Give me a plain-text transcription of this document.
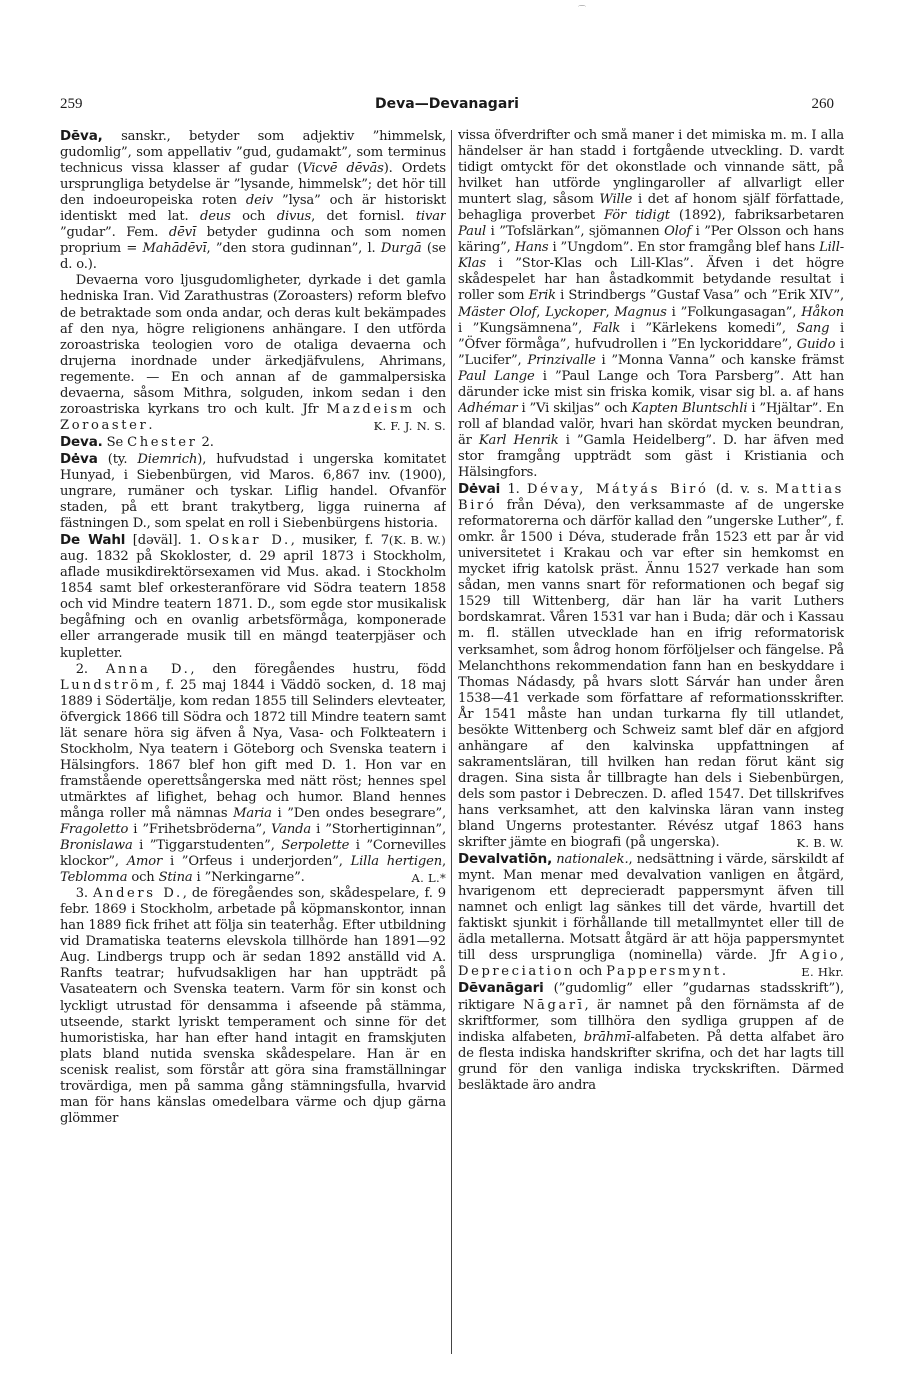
⌒
259	Deva—Devanagari	260

Dēva, sanskr., betyder som adjektiv ”himmelsk, gudomlig”, som appellativ ”gud, gudamakt”, som terminus technicus vissa klasser af gudar (Vicvē dēvās). Ordets ursprungliga betydelse är ”lysande, himmelsk”; det hör till den indoeuropeiska roten deiv ”lysa” och är historiskt identiskt med lat. deus och divus, det fornisl. tivar ”gudar”. Fem. dēvī betyder gudinna och som nomen proprium = Mahādēvī, ”den stora gudinnan”, l. Durgā (se d. o.).

Devaerna voro ljusgudomligheter, dyrkade i det gamla hedniska Iran. Vid Zarathustras (Zoroasters) reform blefvo de betraktade som onda andar, och deras kult bekämpades af den nya, högre religionens anhängare. I den utförda zoroastriska teologien voro de otaliga devaerna och drujerna inordnade under ärkedjäfvulens, Ahrimans, regemente. — En och annan af de gammalpersiska devaerna, såsom Mithra, solguden, inkom sedan i den zoroastriska kyrkans tro och kult. Jfr Mazdeism och Zoroaster.	K. F. J. N. S.

Deva. Se Chester 2.

Dėva (ty. Diemrich), hufvudstad i ungerska komitatet Hunyad, i Siebenbürgen, vid Maros. 6,867 inv. (1900), ungrare, rumäner och tyskar. Liflig handel. Ofvanför staden, på ett brant trakytberg, ligga ruinerna af fästningen D., som spelat en roll i Siebenbürgens historia.
(K. B. W.)

De Wahl [dəväl]. 1. Oskar D., musiker, f. 7 aug. 1832 på Skokloster, d. 29 april 1873 i Stockholm, aflade musikdirektörsexamen vid Mus. akad. i Stockholm 1854 samt blef orkesteranförare vid Södra teatern 1858 och vid Mindre teatern 1871. D., som egde stor musikalisk begåfning och en ovanlig arbetsförmåga, komponerade eller arrangerade musik till en mängd teaterpjäser och kupletter.

2. Anna D., den föregåendes hustru, född Lundström, f. 25 maj 1844 i Väddö socken, d. 18 maj 1889 i Södertälje, kom redan 1855 till Selinders elevteater, öfvergick 1866 till Södra och 1872 till Mindre teatern samt lät senare höra sig äfven å Nya, Vasa- och Folkteatern i Stockholm, Nya teatern i Göteborg och Svenska teatern i Hälsingfors. 1867 blef hon gift med D. 1. Hon var en framstående operettsångerska med nätt röst; hennes spel utmärktes af lifighet, behag och humor. Bland hennes många roller må nämnas Maria i ”Den ondes besegrare”, Fragoletto i ”Frihetsbröderna”, Vanda i ”Storhertiginnan”, Bronislawa i ”Tiggarstudenten”, Serpolette i ”Cornevilles klockor”, Amor i ”Orfeus i underjorden”, Lilla hertigen, Teblomma och Stina i ”Nerkingarne”.	A. L.*

3. Anders D., de föregåendes son, skådespelare, f. 9 febr. 1869 i Stockholm, arbetade på köpmanskontor, innan han 1889 fick frihet att följa sin teaterhåg. Efter utbildning vid Dramatiska teaterns elevskola tillhörde han 1891—92 Aug. Lindbergs trupp och är sedan 1892 anställd vid A. Ranfts teatrar; hufvudsakligen har han uppträdt på Vasateatern och Svenska teatern. Varm för sin konst och lyckligt utrustad för densamma i afseende på stämma, utseende, starkt lyriskt temperament och sinne för det humoristiska, har han efter hand intagit en framskjuten plats bland nutida svenska skådespelare. Han är en scenisk realist, som förstår att göra sina framställningar trovärdiga, men på samma gång stämningsfulla, hvarvid man för hans känslas omedelbara värme och djup gärna glömmer

vissa öfverdrifter och små maner i det mimiska m. m. I alla händelser är han stadd i fortgående utveckling. D. vardt tidigt omtyckt för det okonstlade och vinnande sätt, på hvilket han utförde ynglingaroller af allvarligt eller muntert slag, såsom Wille i det af honom själf författade, behagliga proverbet För tidigt (1892), fabriksarbetaren Paul i ”Tofslärkan”, sjömannen Olof i ”Per Olsson och hans käring”, Hans i ”Ungdom”. En stor framgång blef hans Lill-Klas i ”Stor-Klas och Lill-Klas”. Äfven i det högre skådespelet har han åstadkommit betydande resultat i roller som Erik i Strindbergs ”Gustaf Vasa” och ”Erik XIV”, Mäster Olof, Lyckoper, Magnus i ”Folkungasagan”, Håkon i ”Kungsämnena”, Falk i ”Kärlekens komedi”, Sang i ”Öfver förmåga”, hufvudrollen i ”En lyckoriddare”, Guido i ”Lucifer”, Prinzivalle i ”Monna Vanna” och kanske främst Paul Lange i ”Paul Lange och Tora Parsberg”. Att han därunder icke mist sin friska komik, visar sig bl. a. af hans Adhémar i ”Vi skiljas” och Kapten Bluntschli i ”Hjältar”. En roll af blandad valör, hvari han skördat mycken beundran, är Karl Henrik i ”Gamla Heidelberg”. D. har äfven med stor framgång uppträdt som gäst i Kristiania och Hälsingfors.

Dėvai 1. Dévay, Mátyás Biró (d. v. s. Mattias Biró från Déva), den verksammaste af de ungerske reformatorerna och därför kallad den ”ungerske Luther”, f. omkr. år 1500 i Déva, studerade från 1523 ett par år vid universitetet i Krakau och var efter sin hemkomst en mycket ifrig katolsk präst. Ännu 1527 verkade han som sådan, men vanns snart för reformationen och begaf sig 1529 till Wittenberg, där han lär ha varit Luthers bordskamrat. Våren 1531 var han i Buda; där och i Kassau m. fl. ställen utvecklade han en ifrig reformatorisk verksamhet, som ådrog honom förföljelser och fängelse. På Melanchthons rekommendation fann han en beskyddare i Thomas Nádasdy, på hvars slott Sárvár han under åren 1538—41 verkade som författare af reformationsskrifter. År 1541 måste han undan turkarna fly till utlandet, besökte Wittenberg och Schweiz samt blef där en afgjord anhängare af den kalvinska uppfattningen af sakramentsläran, till hvilken han redan förut känt sig dragen. Sina sista år tillbragte han dels i Siebenbürgen, dels som pastor i Debreczen. D. afled 1547. Det tillskrifves hans verksamhet, att den kalvinska läran vann insteg bland Ungerns protestanter. Révész utgaf 1863 hans skrifter jämte en biografi (på ungerska).	K. B. W.

Devalvatiōn, nationalek., nedsättning i värde, särskildt af mynt. Man menar med devalvation vanligen en åtgärd, hvarigenom ett deprecieradt pappersmynt äfven till namnet och enligt lag sänkes till det värde, hvartill det faktiskt sjunkit i förhållande till metallmyntet eller till de ädla metallerna. Motsatt åtgärd är att höja pappersmyntet till dess ursprungliga (nominella) värde. Jfr Agio, Depreciation och Pappersmynt.	E. Hkr.

Dēvanāgari (”gudomlig” eller ”gudarnas stadsskrift”), riktigare Nāgarī, är namnet på den förnämsta af de skriftformer, som tillhöra den sydliga gruppen af de indiska alfabeten, brāhmī-alfabeten. På detta alfabet äro de flesta indiska handskrifter skrifna, och det har lagts till grund för den vanliga indiska tryckskriften. Därmed besläktade äro andra
